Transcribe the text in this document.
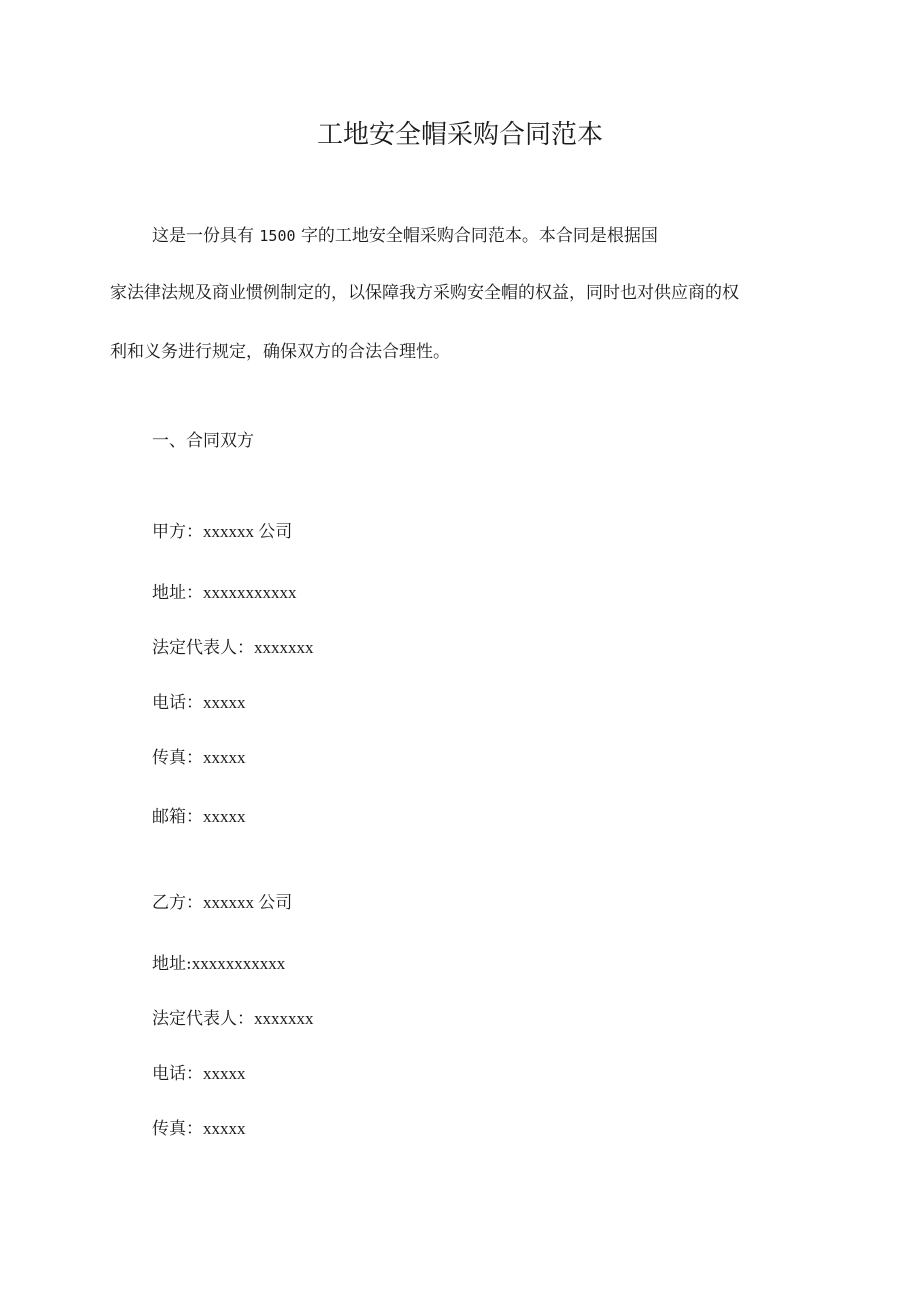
工地安全帽采购合同范本
这是一份具有 1500 字的工地安全帽采购合同范本。本合同是根据国
家法律法规及商业惯例制定的，以保障我方采购安全帽的权益，同时也对供应商的权
利和义务进行规定，确保双方的合法合理性。
一、合同双方
甲方：xxxxxx 公司
地址：xxxxxxxxxxx
法定代表人：xxxxxxx
电话：xxxxx
传真：xxxxx
邮箱：xxxxx
乙方：xxxxxx 公司
地址:xxxxxxxxxxx
法定代表人：xxxxxxx
电话：xxxxx
传真：xxxxx
